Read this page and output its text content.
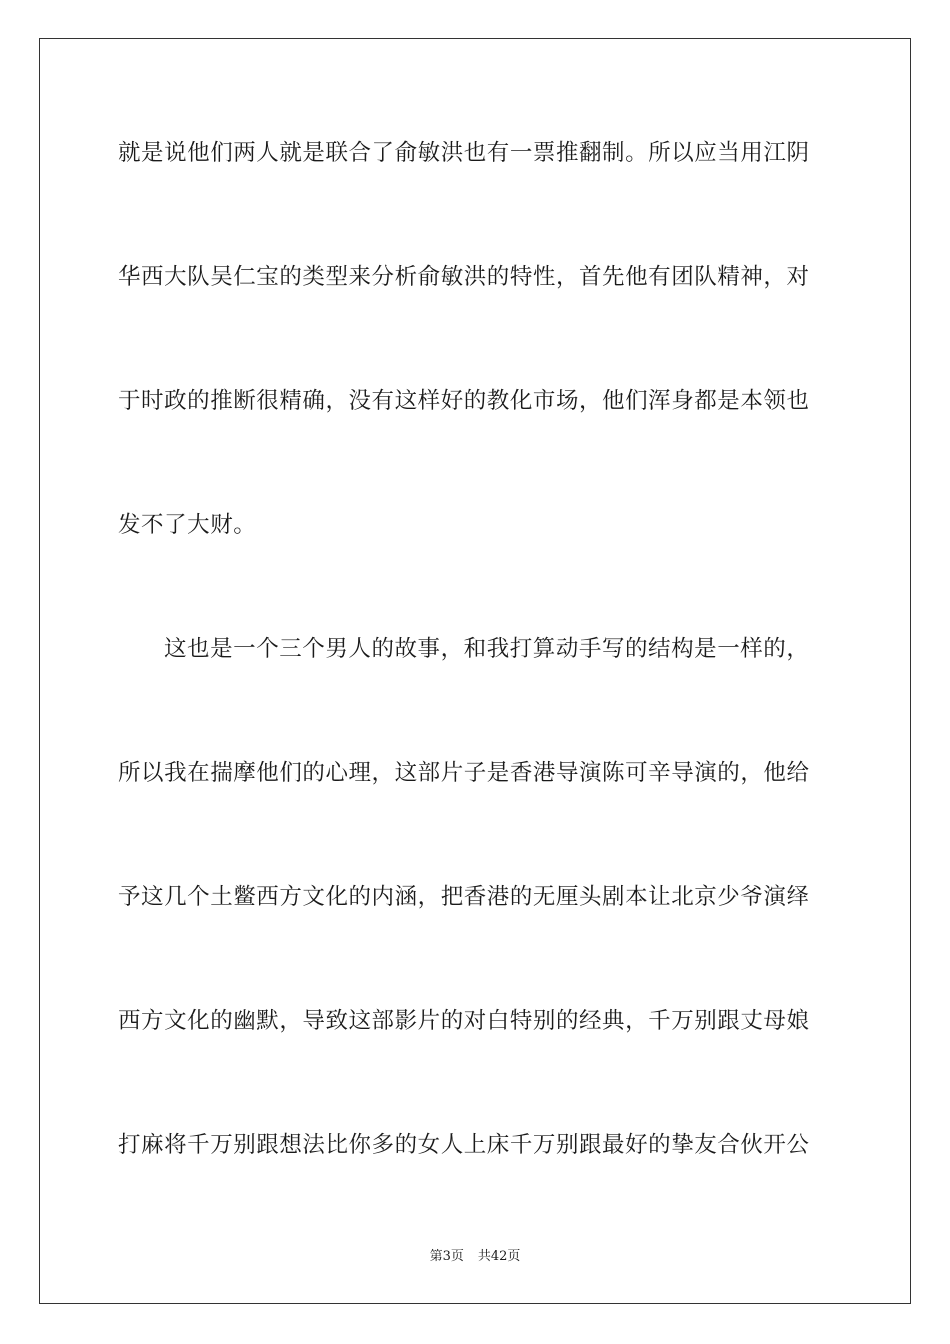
就是说他们两人就是联合了俞敏洪也有一票推翻制。所以应当用江阴
华西大队吴仁宝的类型来分析俞敏洪的特性，首先他有团队精神，对
于时政的推断很精确，没有这样好的教化市场，他们浑身都是本领也
发不了大财。
这也是一个三个男人的故事，和我打算动手写的结构是一样的，
所以我在揣摩他们的心理，这部片子是香港导演陈可辛导演的，他给
予这几个土鳖西方文化的内涵，把香港的无厘头剧本让北京少爷演绎
西方文化的幽默，导致这部影片的对白特别的经典，千万别跟丈母娘
打麻将千万别跟想法比你多的女人上床千万别跟最好的挚友合伙开公
第3页 共42页
